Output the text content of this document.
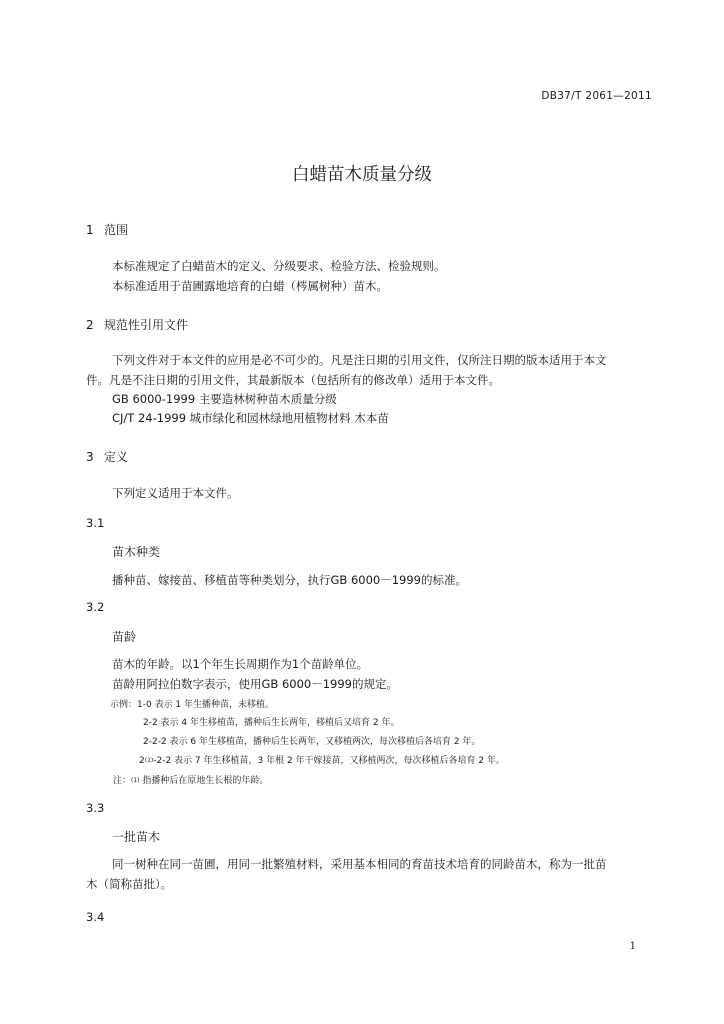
DB37/T 2061—2011
白蜡苗木质量分级
1 范围
本标准规定了白蜡苗木的定义、分级要求、检验方法、检验规则。
本标准适用于苗圃露地培育的白蜡（梣属树种）苗木。
2 规范性引用文件
下列文件对于本文件的应用是必不可少的。凡是注日期的引用文件，仅所注日期的版本适用于本文
件。凡是不注日期的引用文件，其最新版本（包括所有的修改单）适用于本文件。
GB 6000-1999 主要造林树种苗木质量分级
CJ/T 24-1999 城市绿化和园林绿地用植物材料 木本苗
3 定义
下列定义适用于本文件。
3.1
苗木种类
播种苗、嫁接苗、移植苗等种类划分，执行GB 6000－1999的标准。
3.2
苗龄
苗木的年龄。以1个年生长周期作为1个苗龄单位。
苗龄用阿拉伯数字表示，使用GB 6000－1999的规定。
示例：1-0 表示 1 年生播种苗，未移植。
2-2 表示 4 年生移植苗，播种后生长两年，移植后又培育 2 年。
2-2-2 表示 6 年生移植苗，播种后生长两年，又移植两次，每次移植后各培育 2 年。
2(1)-2-2 表示 7 年生移植苗，3 年根 2 年干嫁接苗，又移植两次，每次移植后各培育 2 年。
注：(1) 指播种后在原地生长根的年龄。
3.3
一批苗木
同一树种在同一苗圃，用同一批繁殖材料，采用基本相同的育苗技术培育的同龄苗木，称为一批苗
木（简称苗批）。
3.4
1
